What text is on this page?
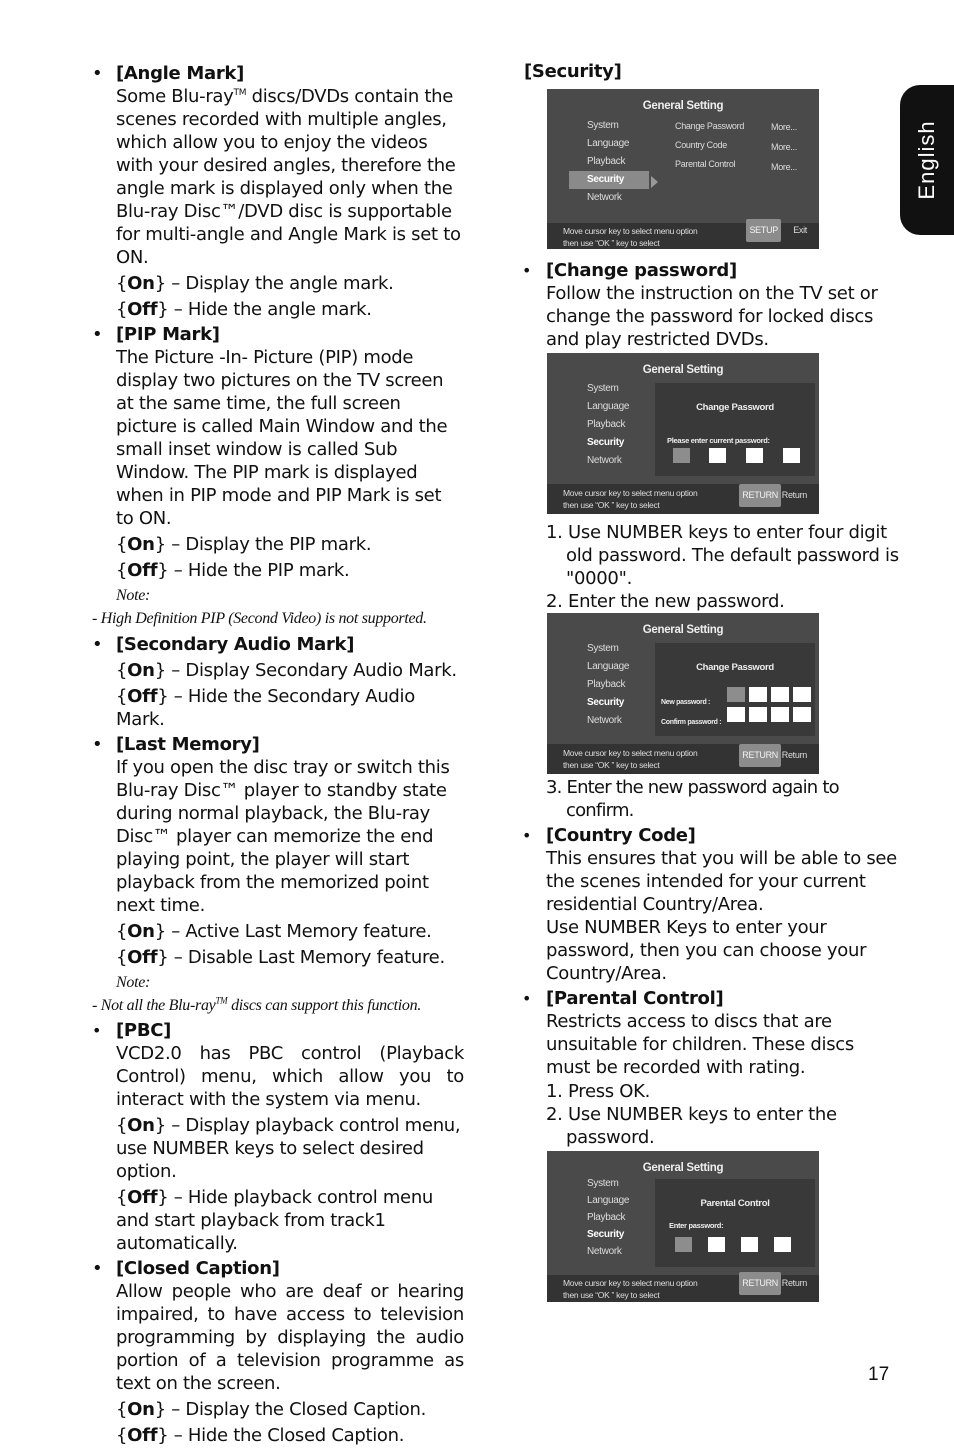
English
• [Angle Mark]
Some Blu-ray™ discs/DVDs contain the scenes recorded with multiple angles, which allow you to enjoy the videos with your desired angles, therefore the angle mark is displayed only when the Blu-ray Disc™/DVD disc is supportable for multi-angle and Angle Mark is set to ON.
{On} – Display the angle mark.
{Off} – Hide the angle mark.
• [PIP Mark]
The Picture -In- Picture (PIP) mode display two pictures on the TV screen at the same time, the full screen picture is called Main Window and the small inset window is called Sub Window. The PIP mark is displayed when in PIP mode and PIP Mark is set to ON.
{On} – Display the PIP mark.
{Off} – Hide the PIP mark.
Note:
- High Definition PIP (Second Video) is not supported.
• [Secondary Audio Mark]
{On} – Display Secondary Audio Mark.
{Off} – Hide the Secondary Audio Mark.
• [Last Memory]
If you open the disc tray or switch this Blu-ray Disc™ player to standby state during normal playback, the Blu-ray Disc™ player can memorize the end playing point, the player will start playback from the memorized point next time.
{On} – Active Last Memory feature.
{Off} – Disable Last Memory feature.
Note:
- Not all the Blu-ray™ discs can support this function.
• [PBC]
VCD2.0 has PBC control (Playback Control) menu, which allow you to interact with the system via menu.
{On} – Display playback control menu, use NUMBER keys to select desired option.
{Off} – Hide playback control menu and start playback from track1 automatically.
• [Closed Caption]
Allow people who are deaf or hearing impaired, to have access to television programming by displaying the audio portion of a television programme as text on the screen.
{On} – Display the Closed Caption.
{Off} – Hide the Closed Caption.
[Security]
General Setting
System
Language
Playback
Security
Network
Change Password
Country Code
Parental Control
More...
More...
More...
Move cursor key to select menu option
then use “OK ” key to select
SETUP	Exit
• [Change password]
Follow the instruction on the TV set or change the password for locked discs and play restricted DVDs.
General Setting
System
Language
Playback
Security
Network
Change Password
Please enter current password:
Move cursor key to select menu option
then use “OK ” key to select
RETURN Return
1. Use NUMBER keys to enter four digit old password. The default password is "0000".
2. Enter the new password.
General Setting
System
Language
Playback
Security
Network
Change Password
New password :
Confirm password :
Move cursor key to select menu option
then use “OK ” key to select
RETURN Return
3. Enter the new password again to confirm.
• [Country Code]
This ensures that you will be able to see the scenes intended for your current residential Country/Area.
Use NUMBER Keys to enter your password, then you can choose your Country/Area.
• [Parental Control]
Restricts access to discs that are unsuitable for children. These discs must be recorded with rating.
1. Press OK.
2. Use NUMBER keys to enter the password.
General Setting
System
Language
Playback
Security
Network
Parental Control
Enter password:
Move cursor key to select menu option
then use “OK ” key to select
RETURN Return
17
